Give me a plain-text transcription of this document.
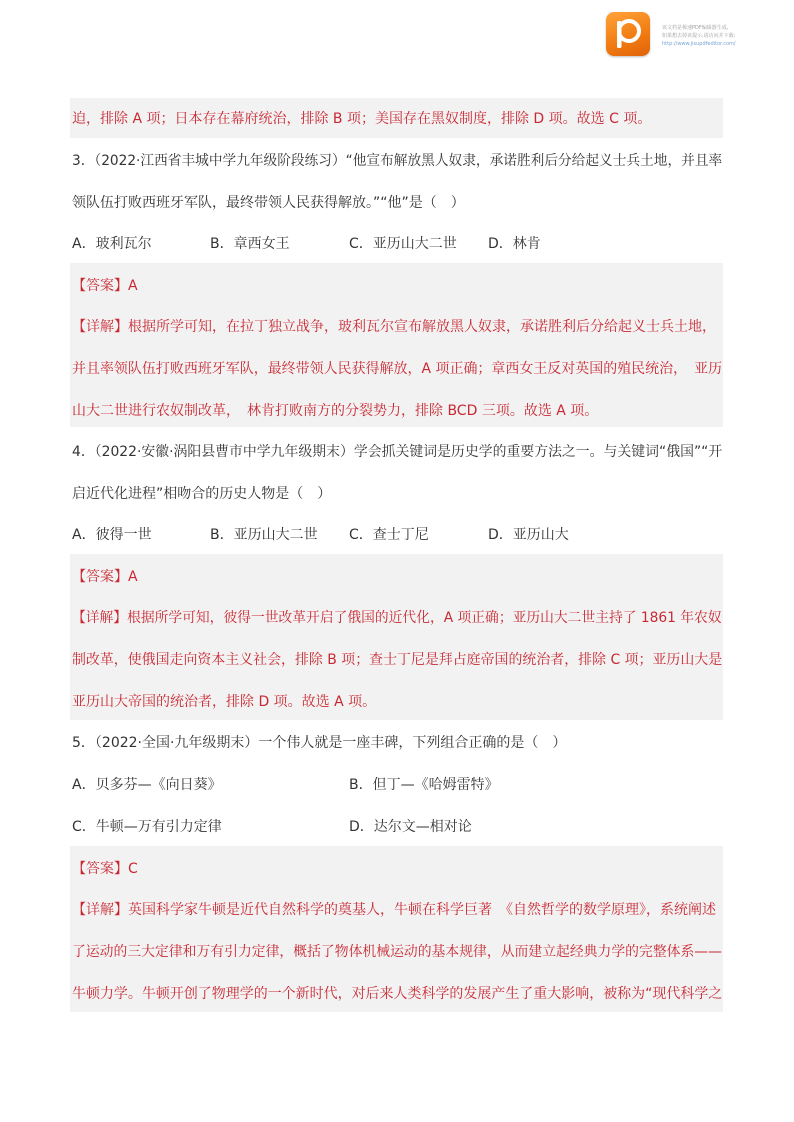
该文档是极速PDF编辑器生成,
如果想去掉该提示,请访问并下载:
http://www.jisupdfeditor.com/
迫，排除 A 项；日本存在幕府统治，排除 B 项；美国存在黑奴制度，排除 D 项。故选 C 项。
3．（2022·江西省丰城中学九年级阶段练习）“他宣布解放黑人奴隶，承诺胜利后分给起义士兵土地，并且率
领队伍打败西班牙军队，最终带领人民获得解放。”“他”是（　）
A．玻利瓦尔	B．章西女王	C．亚历山大二世 D．林肯
【答案】A
【详解】根据所学可知，在拉丁独立战争，玻利瓦尔宣布解放黑人奴隶，承诺胜利后分给起义士兵土地，
并且率领队伍打败西班牙军队，最终带领人民获得解放，A 项正确；章西女王反对英国的殖民统治，　亚历
山大二世进行农奴制改革，　林肯打败南方的分裂势力，排除 BCD 三项。故选 A 项。
4．（2022·安徽·涡阳县曹市中学九年级期末）学会抓关键词是历史学的重要方法之一。与关键词“俄国”“开
启近代化进程”相吻合的历史人物是（　）
A．彼得一世	B．亚历山大二世 C．查士丁尼	D．亚历山大
【答案】A
【详解】根据所学可知，彼得一世改革开启了俄国的近代化，A 项正确；亚历山大二世主持了 1861 年农奴
制改革，使俄国走向资本主义社会，排除 B 项；查士丁尼是拜占庭帝国的统治者，排除 C 项；亚历山大是
亚历山大帝国的统治者，排除 D 项。故选 A 项。
5．（2022·全国·九年级期末）一个伟人就是一座丰碑，下列组合正确的是（　）
A．贝多芬—《向日葵》	B．但丁—《哈姆雷特》
C．牛顿—万有引力定律	D．达尔文—相对论
【答案】C
【详解】英国科学家牛顿是近代自然科学的奠基人，牛顿在科学巨著　《自然哲学的数学原理》，系统阐述
了运动的三大定律和万有引力定律，概括了物体机械运动的基本规律，从而建立起经典力学的完整体系——
牛顿力学。牛顿开创了物理学的一个新时代，对后来人类科学的发展产生了重大影响，被称为“现代科学之
